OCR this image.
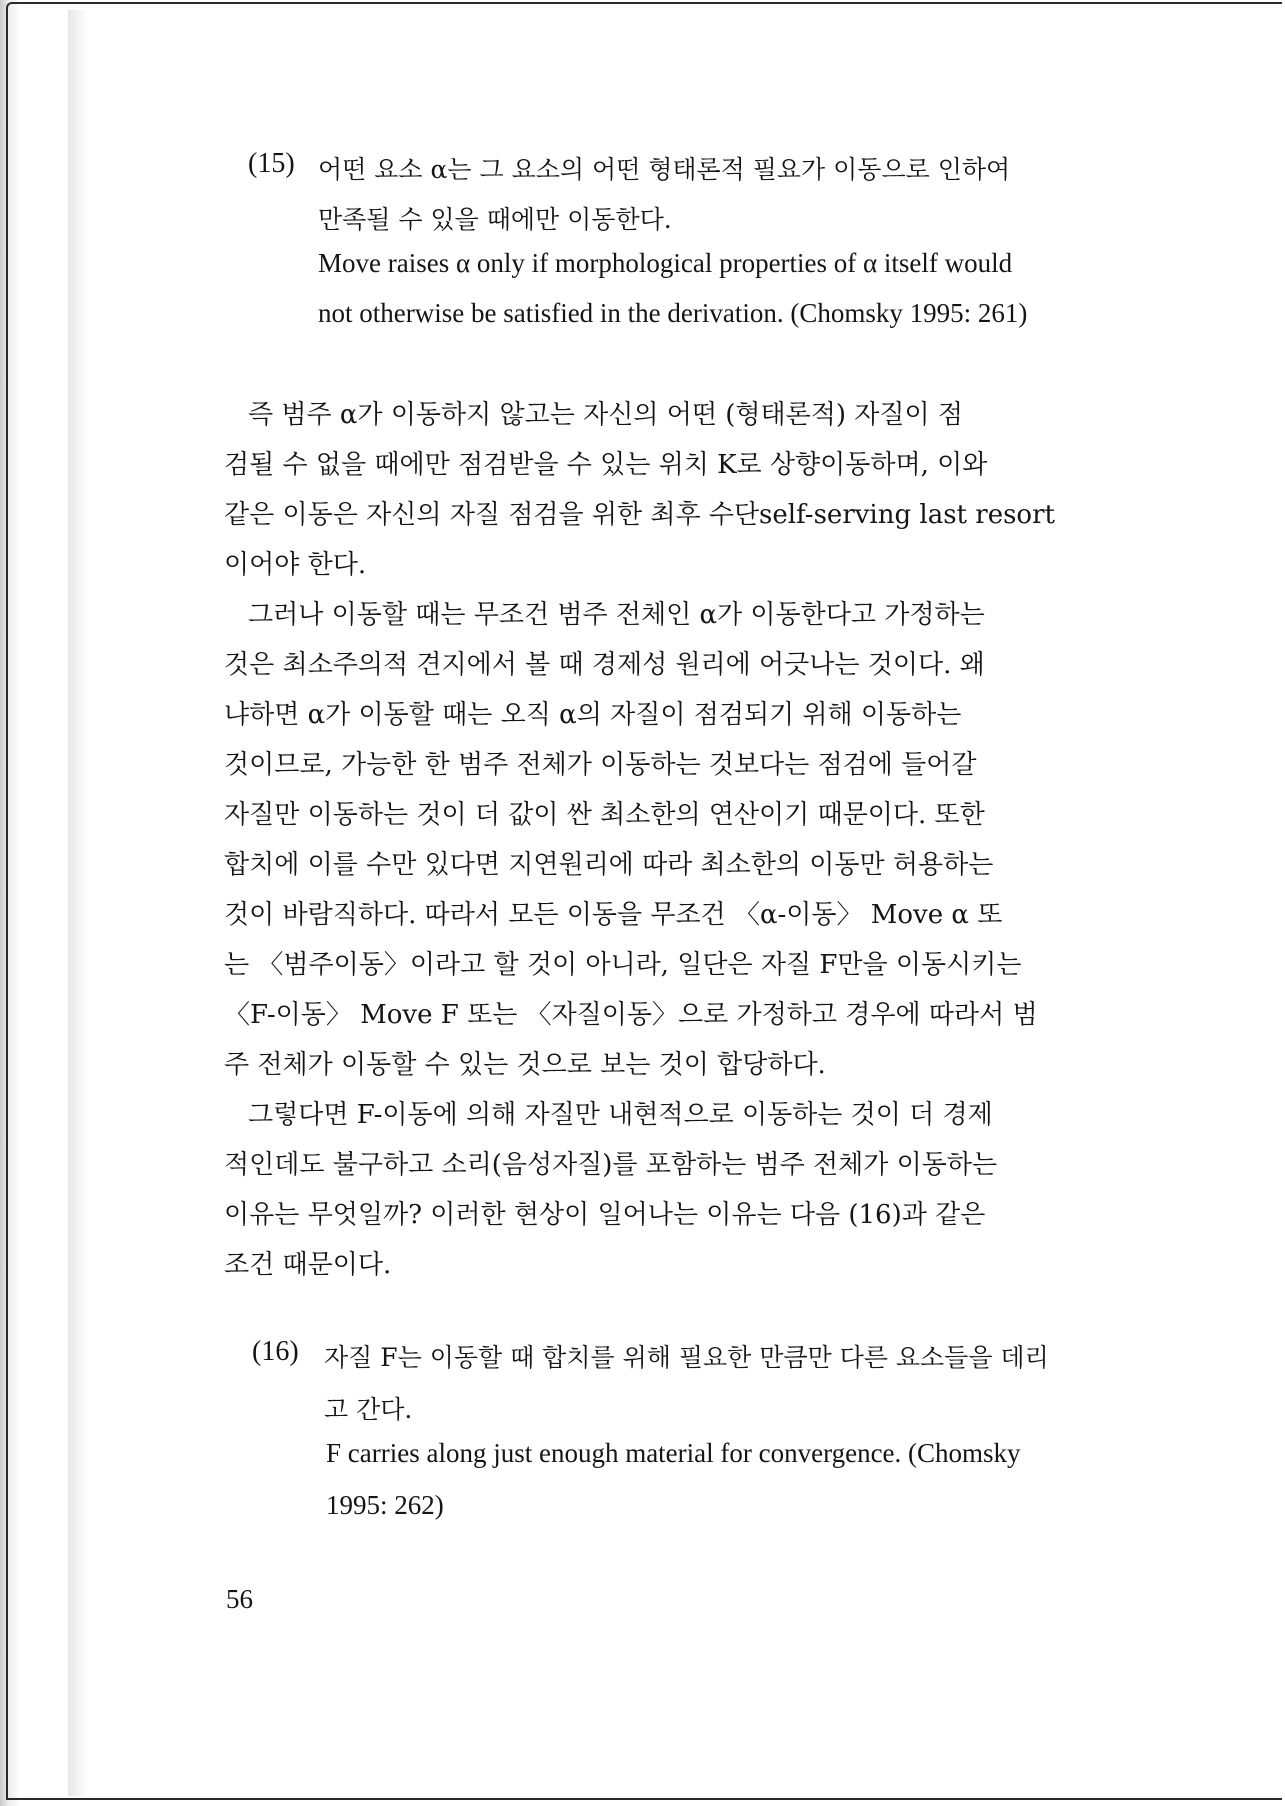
(15) 어떤 요소 α는 그 요소의 어떤 형태론적 필요가 이동으로 인하여
만족될 수 있을 때에만 이동한다.
Move raises α only if morphological properties of α itself would
not otherwise be satisfied in the derivation. (Chomsky 1995: 261)
즉 범주 α가 이동하지 않고는 자신의 어떤 (형태론적) 자질이 점
검될 수 없을 때에만 점검받을 수 있는 위치 K로 상향이동하며, 이와
같은 이동은 자신의 자질 점검을 위한 최후 수단self-serving last resort
이어야 한다.
그러나 이동할 때는 무조건 범주 전체인 α가 이동한다고 가정하는
것은 최소주의적 견지에서 볼 때 경제성 원리에 어긋나는 것이다. 왜
냐하면 α가 이동할 때는 오직 α의 자질이 점검되기 위해 이동하는
것이므로, 가능한 한 범주 전체가 이동하는 것보다는 점검에 들어갈
자질만 이동하는 것이 더 값이 싼 최소한의 연산이기 때문이다. 또한
합치에 이를 수만 있다면 지연원리에 따라 최소한의 이동만 허용하는
것이 바람직하다. 따라서 모든 이동을 무조건 〈α-이동〉 Move α 또
는 〈범주이동〉이라고 할 것이 아니라, 일단은 자질 F만을 이동시키는
〈F-이동〉 Move F 또는 〈자질이동〉으로 가정하고 경우에 따라서 범
주 전체가 이동할 수 있는 것으로 보는 것이 합당하다.
그렇다면 F-이동에 의해 자질만 내현적으로 이동하는 것이 더 경제
적인데도 불구하고 소리(음성자질)를 포함하는 범주 전체가 이동하는
이유는 무엇일까? 이러한 현상이 일어나는 이유는 다음 (16)과 같은
조건 때문이다.
(16) 자질 F는 이동할 때 합치를 위해 필요한 만큼만 다른 요소들을 데리
고 간다.
F carries along just enough material for convergence. (Chomsky
1995: 262)
56
